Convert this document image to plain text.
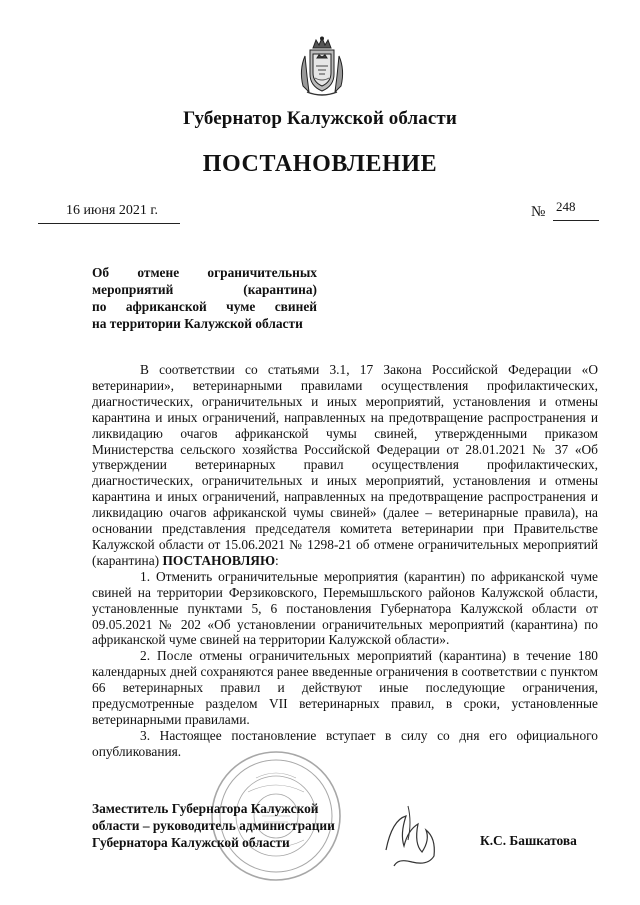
Губернатор Калужской области
ПОСТАНОВЛЕНИЕ
16 июня 2021 г.	№ 248
Об отмене ограничительных
мероприятий (карантина)
по африканской чуме свиней
на территории Калужской области

В соответствии со статьями 3.1, 17 Закона Российской Федерации «О ветеринарии», ветеринарными правилами осуществления профилактических, диагностических, ограничительных и иных мероприятий, установления и отмены карантина и иных ограничений, направленных на предотвращение распространения и ликвидацию очагов африканской чумы свиней, утвержденными приказом Министерства сельского хозяйства Российской Федерации от 28.01.2021 № 37 «Об утверждении ветеринарных правил осуществления профилактических, диагностических, ограничительных и иных мероприятий, установления и отмены карантина и иных ограничений, направленных на предотвращение распространения и ликвидацию очагов африканской чумы свиней» (далее – ветеринарные правила), на основании представления председателя комитета ветеринарии при Правительстве Калужской области от 15.06.2021 № 1298-21 об отмене ограничительных мероприятий (карантина) ПОСТАНОВЛЯЮ:

1. Отменить ограничительные мероприятия (карантин) по африканской чуме свиней на территории Ферзиковского, Перемышльского районов Калужской области, установленные пунктами 5, 6 постановления Губернатора Калужской области от 09.05.2021 № 202 «Об установлении ограничительных мероприятий (карантина) по африканской чуме свиней на территории Калужской области».

2. После отмены ограничительных мероприятий (карантина) в течение 180 календарных дней сохраняются ранее введенные ограничения в соответствии с пунктом 66 ветеринарных правил и действуют иные последующие ограничения, предусмотренные разделом VII ветеринарных правил, в сроки, установленные ветеринарными правилами.

3. Настоящее постановление вступает в силу со дня его официального опубликования.

Заместитель Губернатора Калужской
области – руководитель администрации
Губернатора Калужской области	К.С. Башкатова
